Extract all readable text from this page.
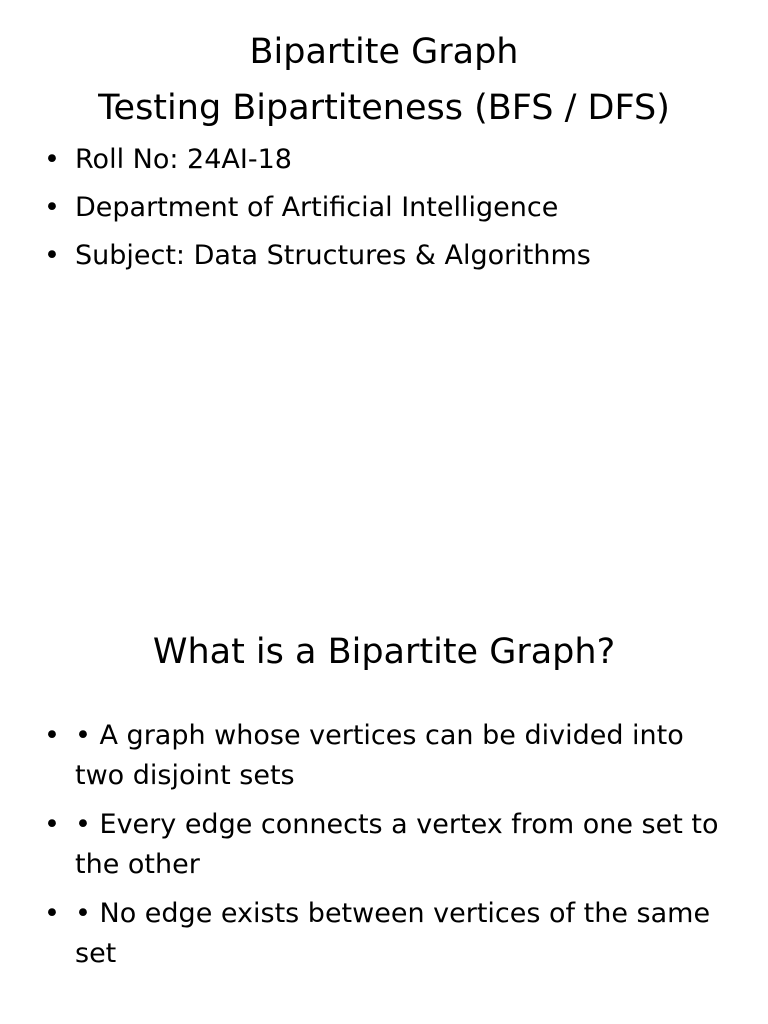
Bipartite Graph
Testing Bipartiteness (BFS / DFS)
• Roll No: 24AI-18
• Department of Artificial Intelligence
• Subject: Data Structures & Algorithms
What is a Bipartite Graph?
• • A graph whose vertices can be divided into two disjoint sets
• • Every edge connects a vertex from one set to the other
• • No edge exists between vertices of the same set
